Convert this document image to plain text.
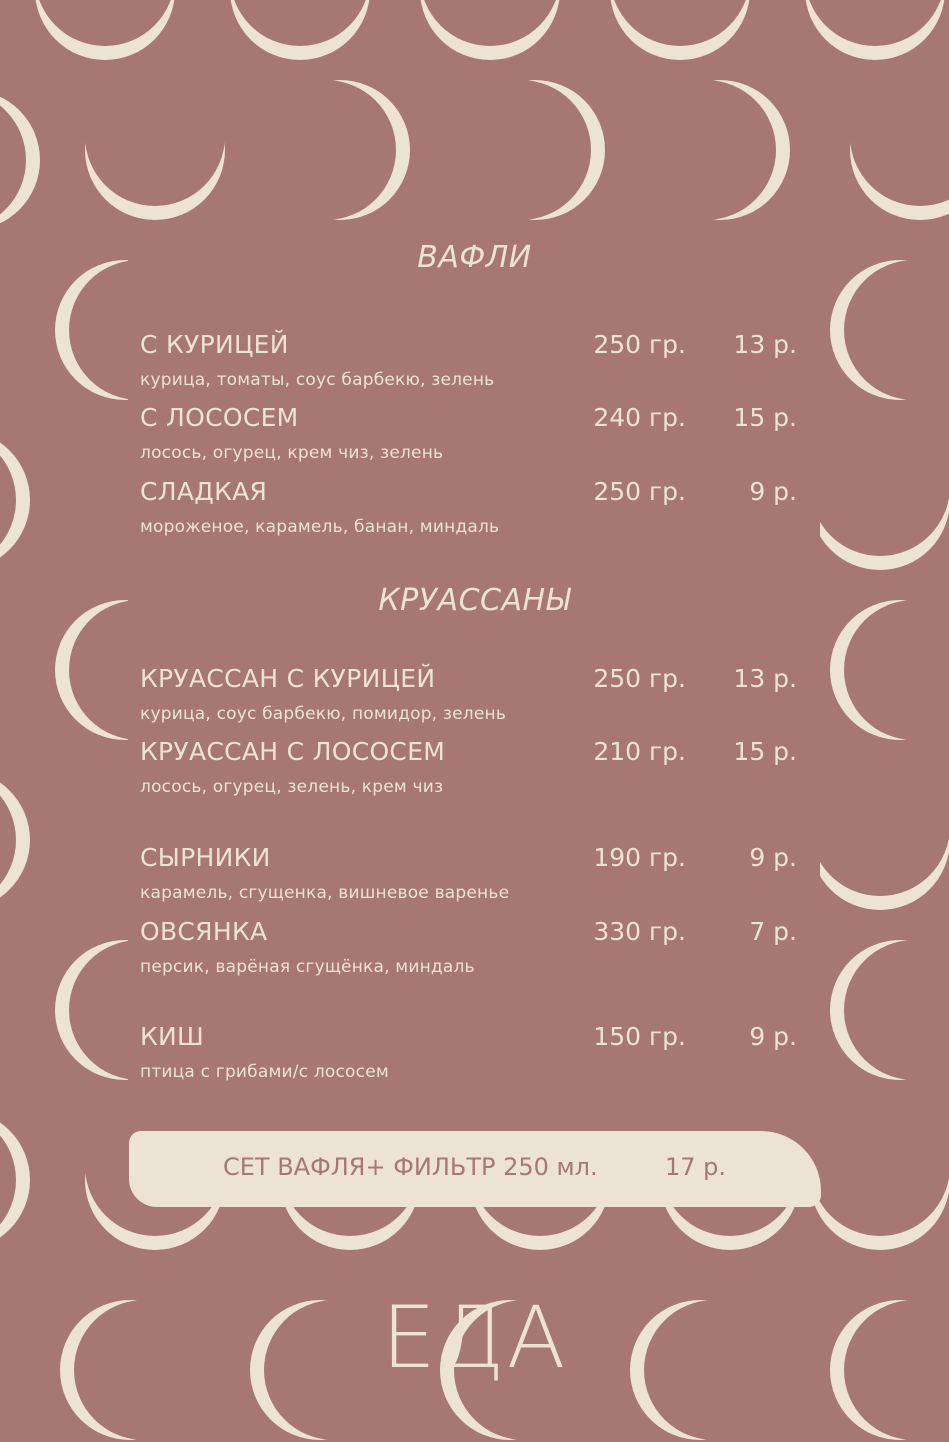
ВАФЛИ
С КУРИЦЕЙ
курица, томаты, соус барбекю, зелень
250 гр. 13 р.
С ЛОСОСЕМ
лосось, огурец, крем чиз, зелень
240 гр. 15 р.
СЛАДКАЯ
мороженое, карамель, банан, миндаль
250 гр.	9 р.
КРУАССАНЫ
КРУАССАН С КУРИЦЕЙ
курица, соус барбекю, помидор, зелень
250 гр. 13 р.
КРУАССАН С ЛОСОСЕМ
лосось, огурец, зелень, крем чиз
210 гр. 15 р.
СЫРНИКИ
карамель, сгущенка, вишневое варенье
190 гр.	9 р.
ОВСЯНКА
персик, варёная сгущёнка, миндаль
330 гр.	7 р.
КИШ
птица с грибами/с лососем
150 гр.	9 р.
СЕТ ВАФЛЯ+ ФИЛЬТР 250 мл.	17 р.
ЕДА
